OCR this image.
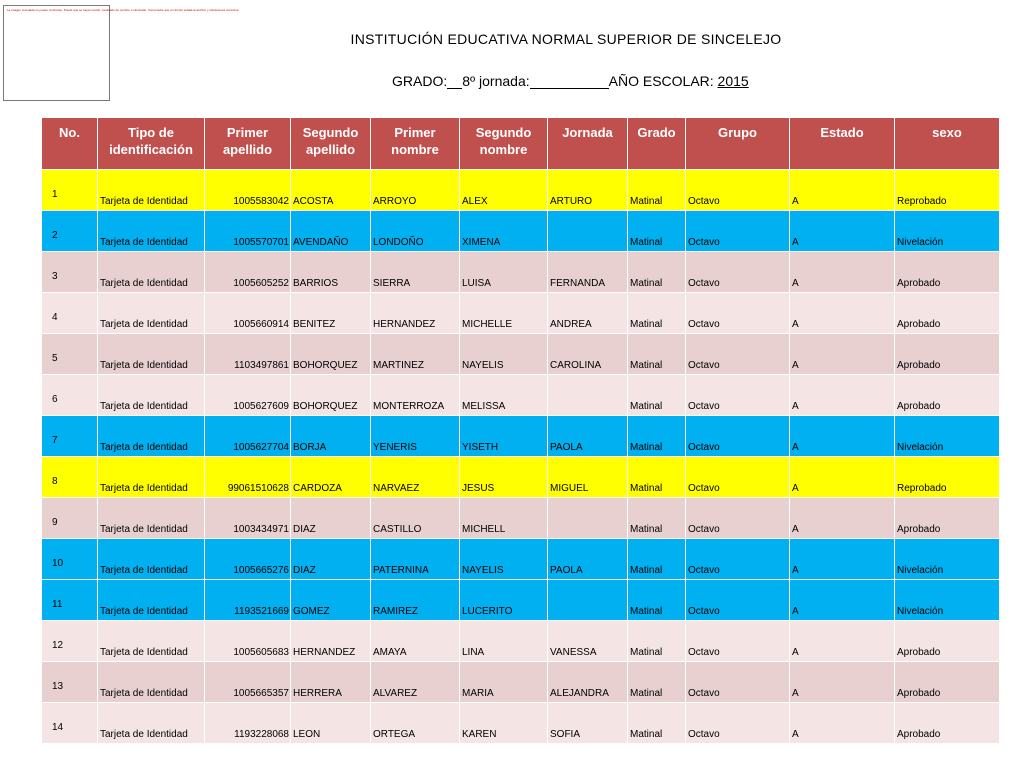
La imagen vinculada no puede mostrarse. Puede que se haya movido, cambiado de nombre o eliminado. Compruebe que el vínculo señala al archivo y ubicaciones correctos.
INSTITUCIÓN EDUCATIVA NORMAL SUPERIOR DE SINCELEJO
GRADO: 8º jornada:	AÑO ESCOLAR: 2015
No.	Tipo de identificación	Primer apellido	Segundo apellido	Primer nombre	Segundo nombre	Jornada	Grado	Grupo	Estado	sexo
1	Tarjeta de Identidad	1005583042	ACOSTA	ARROYO	ALEX	ARTURO	Matinal	Octavo	A	Reprobado
2	Tarjeta de Identidad	1005570701	AVENDAÑO	LONDOÑO	XIMENA		Matinal	Octavo	A	Nivelación
3	Tarjeta de Identidad	1005605252	BARRIOS	SIERRA	LUISA	FERNANDA	Matinal	Octavo	A	Aprobado
4	Tarjeta de Identidad	1005660914	BENITEZ	HERNANDEZ	MICHELLE	ANDREA	Matinal	Octavo	A	Aprobado
5	Tarjeta de Identidad	1103497861	BOHORQUEZ	MARTINEZ	NAYELIS	CAROLINA	Matinal	Octavo	A	Aprobado
6	Tarjeta de Identidad	1005627609	BOHORQUEZ	MONTERROZA	MELISSA		Matinal	Octavo	A	Aprobado
7	Tarjeta de Identidad	1005627704	BORJA	YENERIS	YISETH	PAOLA	Matinal	Octavo	A	Nivelación
8	Tarjeta de Identidad	99061510628	CARDOZA	NARVAEZ	JESUS	MIGUEL	Matinal	Octavo	A	Reprobado
9	Tarjeta de Identidad	1003434971	DIAZ	CASTILLO	MICHELL		Matinal	Octavo	A	Aprobado
10	Tarjeta de Identidad	1005665276	DIAZ	PATERNINA	NAYELIS	PAOLA	Matinal	Octavo	A	Nivelación
11	Tarjeta de Identidad	1193521669	GOMEZ	RAMIREZ	LUCERITO		Matinal	Octavo	A	Nivelación
12	Tarjeta de Identidad	1005605683	HERNANDEZ	AMAYA	LINA	VANESSA	Matinal	Octavo	A	Aprobado
13	Tarjeta de Identidad	1005665357	HERRERA	ALVAREZ	MARIA	ALEJANDRA	Matinal	Octavo	A	Aprobado
14	Tarjeta de Identidad	1193228068	LEON	ORTEGA	KAREN	SOFIA	Matinal	Octavo	A	Aprobado
